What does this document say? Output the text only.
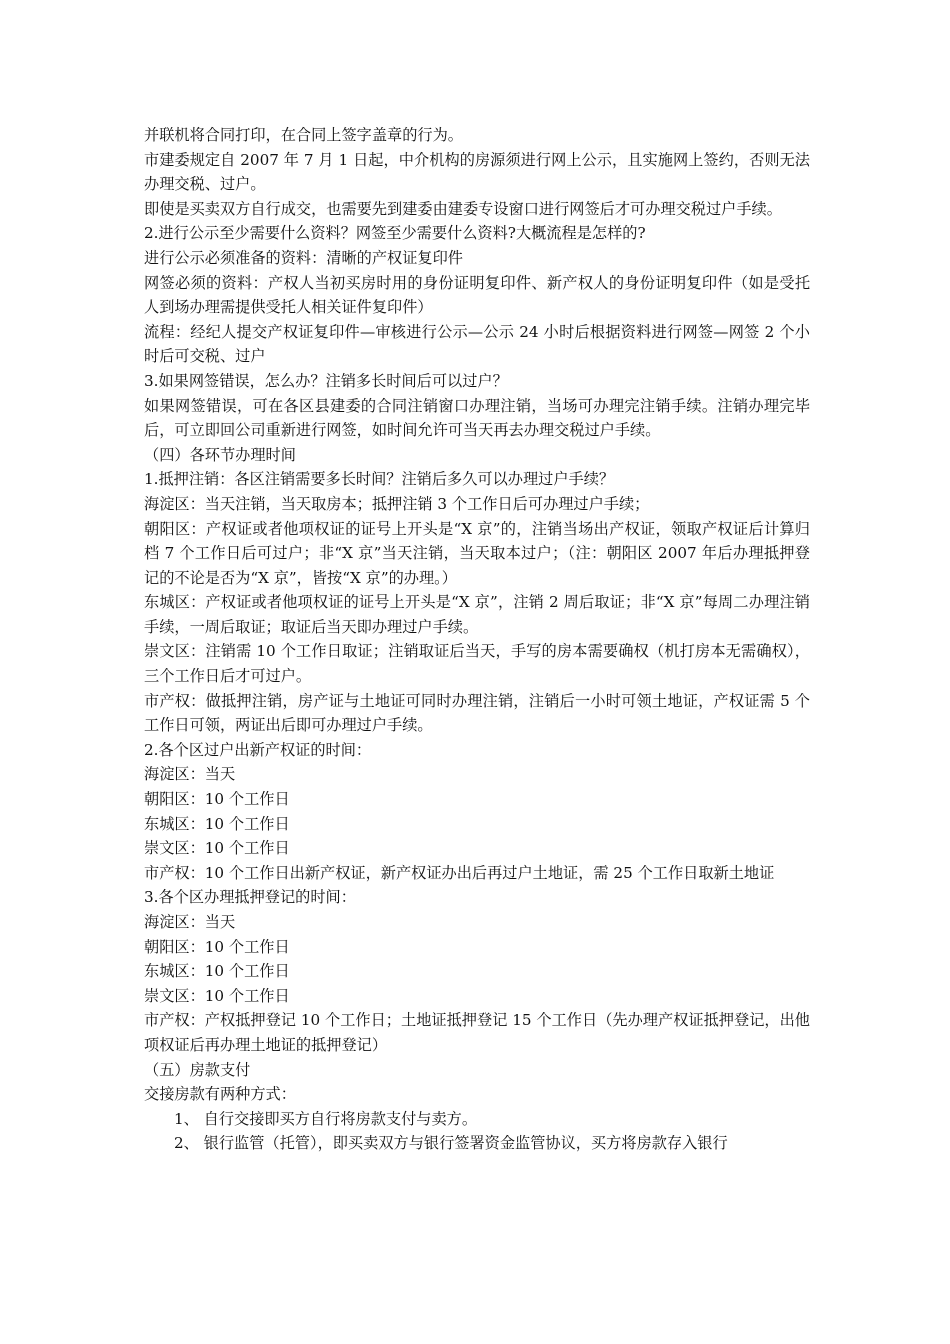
并联机将合同打印，在合同上签字盖章的行为。

市建委规定自 2007 年 7 月 1 日起，中介机构的房源须进行网上公示，且实施网上签约，否则无法办理交税、过户。

即使是买卖双方自行成交，也需要先到建委由建委专设窗口进行网签后才可办理交税过户手续。

2.进行公示至少需要什么资料？网签至少需要什么资料?大概流程是怎样的?

进行公示必须准备的资料：清晰的产权证复印件

网签必须的资料：产权人当初买房时用的身份证明复印件、新产权人的身份证明复印件（如是受托人到场办理需提供受托人相关证件复印件）

流程：经纪人提交产权证复印件—审核进行公示—公示 24 小时后根据资料进行网签—网签 2 个小时后可交税、过户

3.如果网签错误，怎么办？注销多长时间后可以过户？

如果网签错误，可在各区县建委的合同注销窗口办理注销，当场可办理完注销手续。注销办理完毕后，可立即回公司重新进行网签，如时间允许可当天再去办理交税过户手续。

（四）各环节办理时间

1.抵押注销：各区注销需要多长时间？注销后多久可以办理过户手续？

海淀区：当天注销，当天取房本；抵押注销 3 个工作日后可办理过户手续；

朝阳区：产权证或者他项权证的证号上开头是“X 京”的，注销当场出产权证，领取产权证后计算归档 7 个工作日后可过户；非“X 京”当天注销，当天取本过户；（注：朝阳区 2007 年后办理抵押登记的不论是否为“X 京”，皆按“X 京”的办理。）

东城区：产权证或者他项权证的证号上开头是“X 京”，注销 2 周后取证；非“X 京”每周二办理注销手续，一周后取证；取证后当天即办理过户手续。

崇文区：注销需 10 个工作日取证；注销取证后当天，手写的房本需要确权（机打房本无需确权），三个工作日后才可过户。

市产权：做抵押注销，房产证与土地证可同时办理注销，注销后一小时可领土地证，产权证需 5 个工作日可领，两证出后即可办理过户手续。

2.各个区过户出新产权证的时间：

海淀区：当天

朝阳区：10 个工作日

东城区：10 个工作日

崇文区：10 个工作日

市产权：10 个工作日出新产权证，新产权证办出后再过户土地证，需 25 个工作日取新土地证

3.各个区办理抵押登记的时间：

海淀区：当天

朝阳区：10 个工作日

东城区：10 个工作日

崇文区：10 个工作日

市产权：产权抵押登记 10 个工作日；土地证抵押登记 15 个工作日（先办理产权证抵押登记，出他项权证后再办理土地证的抵押登记）

（五）房款支付

交接房款有两种方式：

1、 自行交接即买方自行将房款支付与卖方。

2、 银行监管（托管），即买卖双方与银行签署资金监管协议，买方将房款存入银行
